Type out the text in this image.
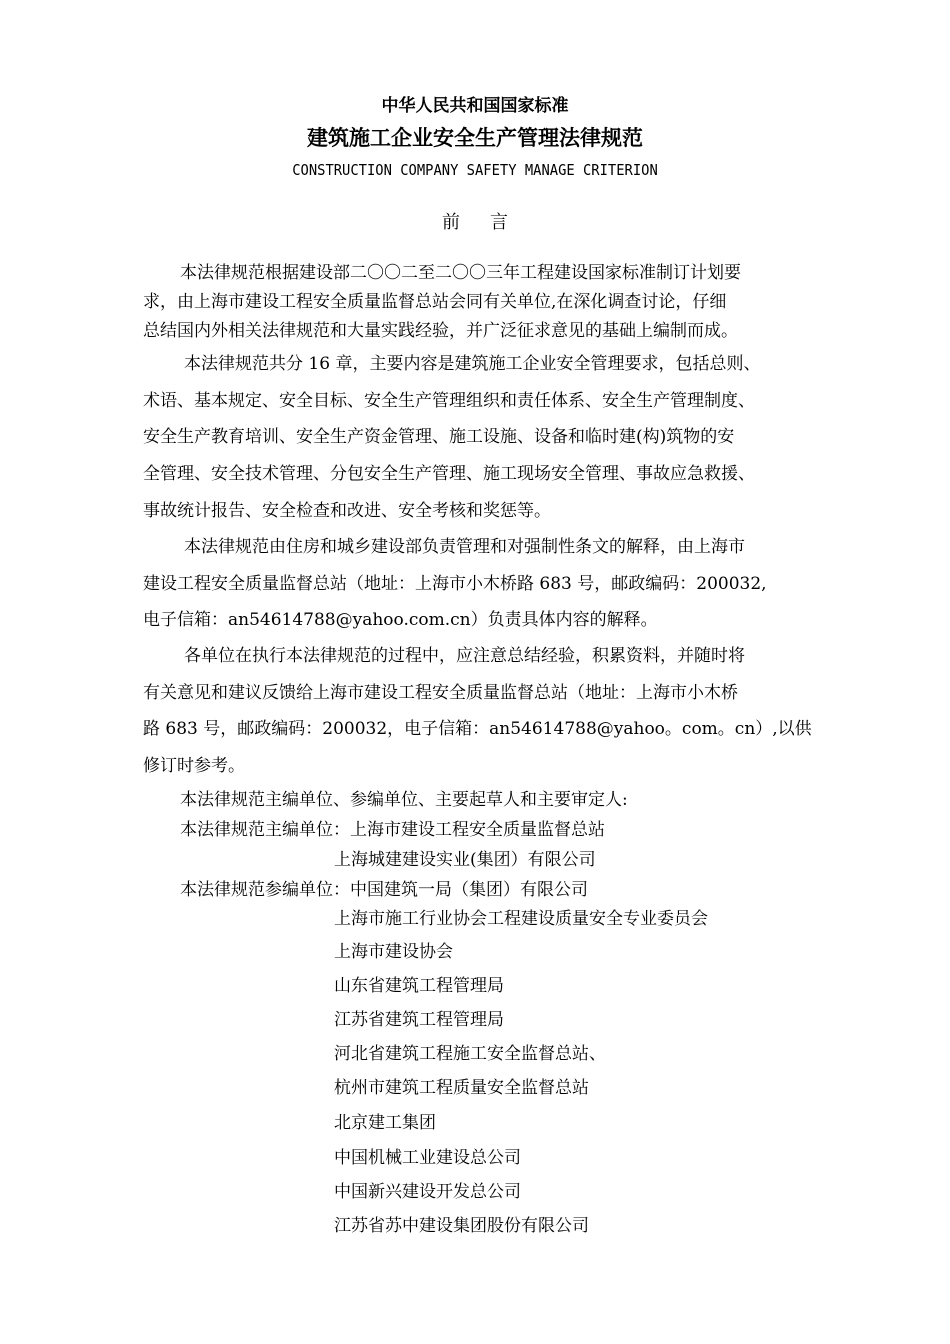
中华人民共和国国家标准
建筑施工企业安全生产管理法律规范
CONSTRUCTION COMPANY SAFETY MANAGE CRITERION
前言
本法律规范根据建设部二〇〇二至二〇〇三年工程建设国家标准制订计划要
求，由上海市建设工程安全质量监督总站会同有关单位,在深化调查讨论，仔细
总结国内外相关法律规范和大量实践经验，并广泛征求意见的基础上编制而成。
本法律规范共分 16 章，主要内容是建筑施工企业安全管理要求，包括总则、
术语、基本规定、安全目标、安全生产管理组织和责任体系、安全生产管理制度、
安全生产教育培训、安全生产资金管理、施工设施、设备和临时建(构)筑物的安
全管理、安全技术管理、分包安全生产管理、施工现场安全管理、事故应急救援、
事故统计报告、安全检查和改进、安全考核和奖惩等。
本法律规范由住房和城乡建设部负责管理和对强制性条文的解释，由上海市
建设工程安全质量监督总站（地址：上海市小木桥路 683 号，邮政编码：200032,
电子信箱：an54614788@yahoo.com.cn）负责具体内容的解释。
各单位在执行本法律规范的过程中，应注意总结经验，积累资料，并随时将
有关意见和建议反馈给上海市建设工程安全质量监督总站（地址：上海市小木桥
路 683 号，邮政编码：200032，电子信箱：an54614788@yahoo。com。cn）,以供
修订时参考。
本法律规范主编单位、参编单位、主要起草人和主要审定人:
本法律规范主编单位：上海市建设工程安全质量监督总站
上海城建建设实业(集团）有限公司
本法律规范参编单位：中国建筑一局（集团）有限公司
上海市施工行业协会工程建设质量安全专业委员会
上海市建设协会
山东省建筑工程管理局
江苏省建筑工程管理局
河北省建筑工程施工安全监督总站、
杭州市建筑工程质量安全监督总站
北京建工集团
中国机械工业建设总公司
中国新兴建设开发总公司
江苏省苏中建设集团股份有限公司
